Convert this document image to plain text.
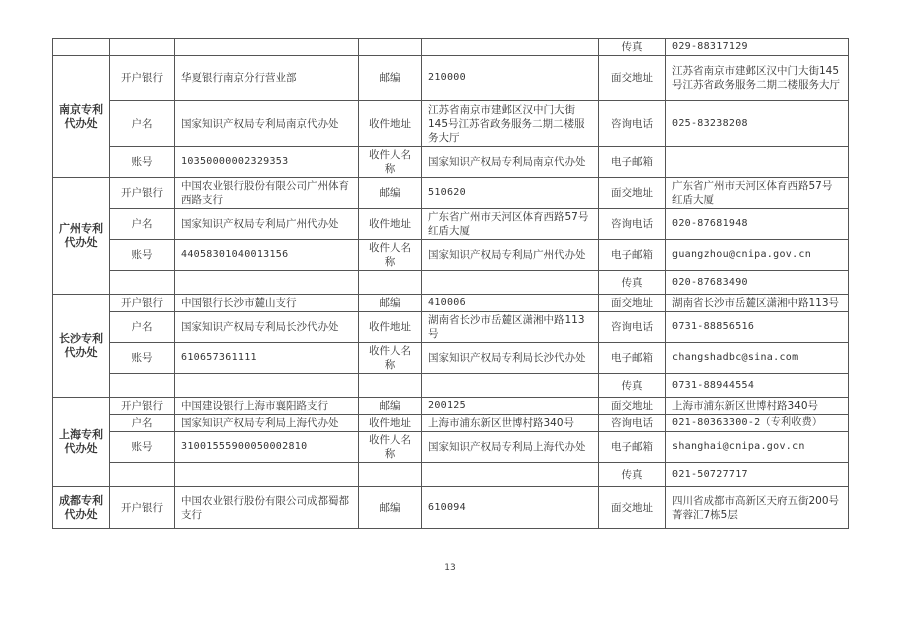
					传真	029-88317129
南京专利代办处	开户银行	华夏银行南京分行营业部	邮编	210000	面交地址	江苏省南京市建邺区汉中门大街145号江苏省政务服务二期二楼服务大厅
	户名	国家知识产权局专利局南京代办处	收件地址	江苏省南京市建邺区汉中门大街145号江苏省政务服务二期二楼服务大厅	咨询电话	025-83238208
	账号	10350000002329353	收件人名称	国家知识产权局专利局南京代办处	电子邮箱	
广州专利代办处	开户银行	中国农业银行股份有限公司广州体育西路支行	邮编	510620	面交地址	广东省广州市天河区体育西路57号红盾大厦
	户名	国家知识产权局专利局广州代办处	收件地址	广东省广州市天河区体育西路57号红盾大厦	咨询电话	020-87681948
	账号	44058301040013156	收件人名称	国家知识产权局专利局广州代办处	电子邮箱	guangzhou@cnipa.gov.cn
					传真	020-87683490
长沙专利代办处	开户银行	中国银行长沙市麓山支行	邮编	410006	面交地址	湖南省长沙市岳麓区潇湘中路113号
	户名	国家知识产权局专利局长沙代办处	收件地址	湖南省长沙市岳麓区潇湘中路113号	咨询电话	0731-88856516
	账号	610657361111	收件人名称	国家知识产权局专利局长沙代办处	电子邮箱	changshadbc@sina.com
					传真	0731-88944554
上海专利代办处	开户银行	中国建设银行上海市襄阳路支行	邮编	200125	面交地址	上海市浦东新区世博村路340号
	户名	国家知识产权局专利局上海代办处	收件地址	上海市浦东新区世博村路340号	咨询电话	021-80363300-2（专利收费）
	账号	31001555900050002810	收件人名称	国家知识产权局专利局上海代办处	电子邮箱	shanghai@cnipa.gov.cn
					传真	021-50727717
成都专利代办处	开户银行	中国农业银行股份有限公司成都蜀都支行	邮编	610094	面交地址	四川省成都市高新区天府五街200号菁蓉汇7栋5层
13
